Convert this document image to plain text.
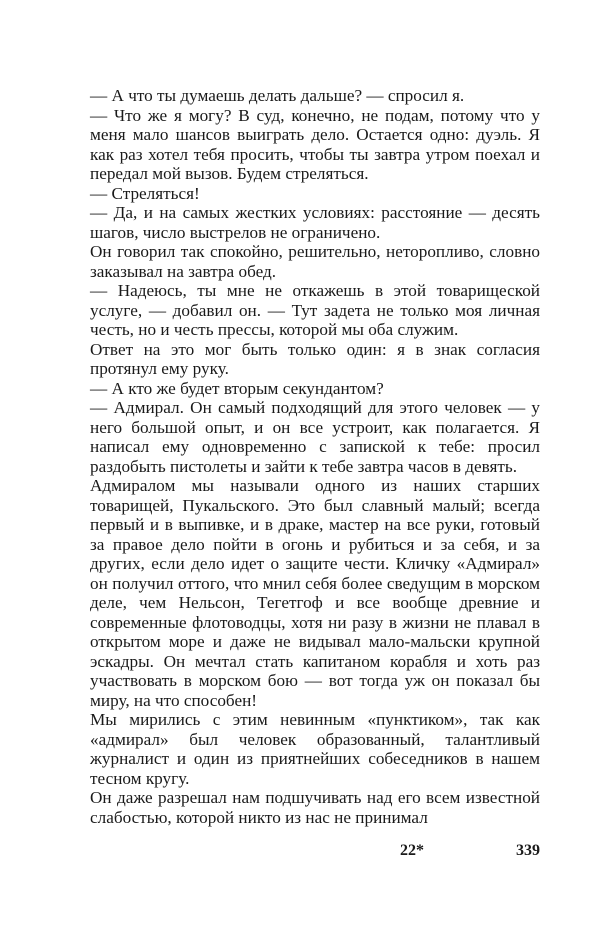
— А что ты думаешь делать дальше? — спросил я.

— Что же я могу? В суд, конечно, не подам, потому что у меня мало шансов выиграть дело. Остается одно: дуэль. Я как раз хотел тебя просить, чтобы ты завтра утром поехал и передал мой вызов. Будем стреляться.

— Стреляться!

— Да, и на самых жестких условиях: расстояние — десять шагов, число выстрелов не ограничено.

Он говорил так спокойно, решительно, неторопливо, словно заказывал на завтра обед.

— Надеюсь, ты мне не откажешь в этой товарищеской услуге, — добавил он. — Тут задета не только моя личная честь, но и честь прессы, которой мы оба служим.

Ответ на это мог быть только один: я в знак согласия протянул ему руку.

— А кто же будет вторым секундантом?

— Адмирал. Он самый подходящий для этого человек — у него большой опыт, и он все устроит, как полагается. Я написал ему одновременно с запиской к тебе: просил раздобыть пистолеты и зайти к тебе завтра часов в девять.

Адмиралом мы называли одного из наших старших товарищей, Пукальского. Это был славный малый; всегда первый и в выпивке, и в драке, мастер на все руки, готовый за правое дело пойти в огонь и рубиться и за себя, и за других, если дело идет о защите чести. Кличку «Адмирал» он получил оттого, что мнил себя более сведущим в морском деле, чем Нельсон, Тегетгоф и все вообще древние и современные флотоводцы, хотя ни разу в жизни не плавал в открытом море и даже не видывал мало-мальски крупной эскадры. Он мечтал стать капитаном корабля и хоть раз участвовать в морском бою — вот тогда уж он показал бы миру, на что способен!

Мы мирились с этим невинным «пунктиком», так как «адмирал» был человек образованный, талантливый журналист и один из приятнейших собеседников в нашем тесном кругу.

Он даже разрешал нам подшучивать над его всем известной слабостью, которой никто из нас не принимал

22*	339
